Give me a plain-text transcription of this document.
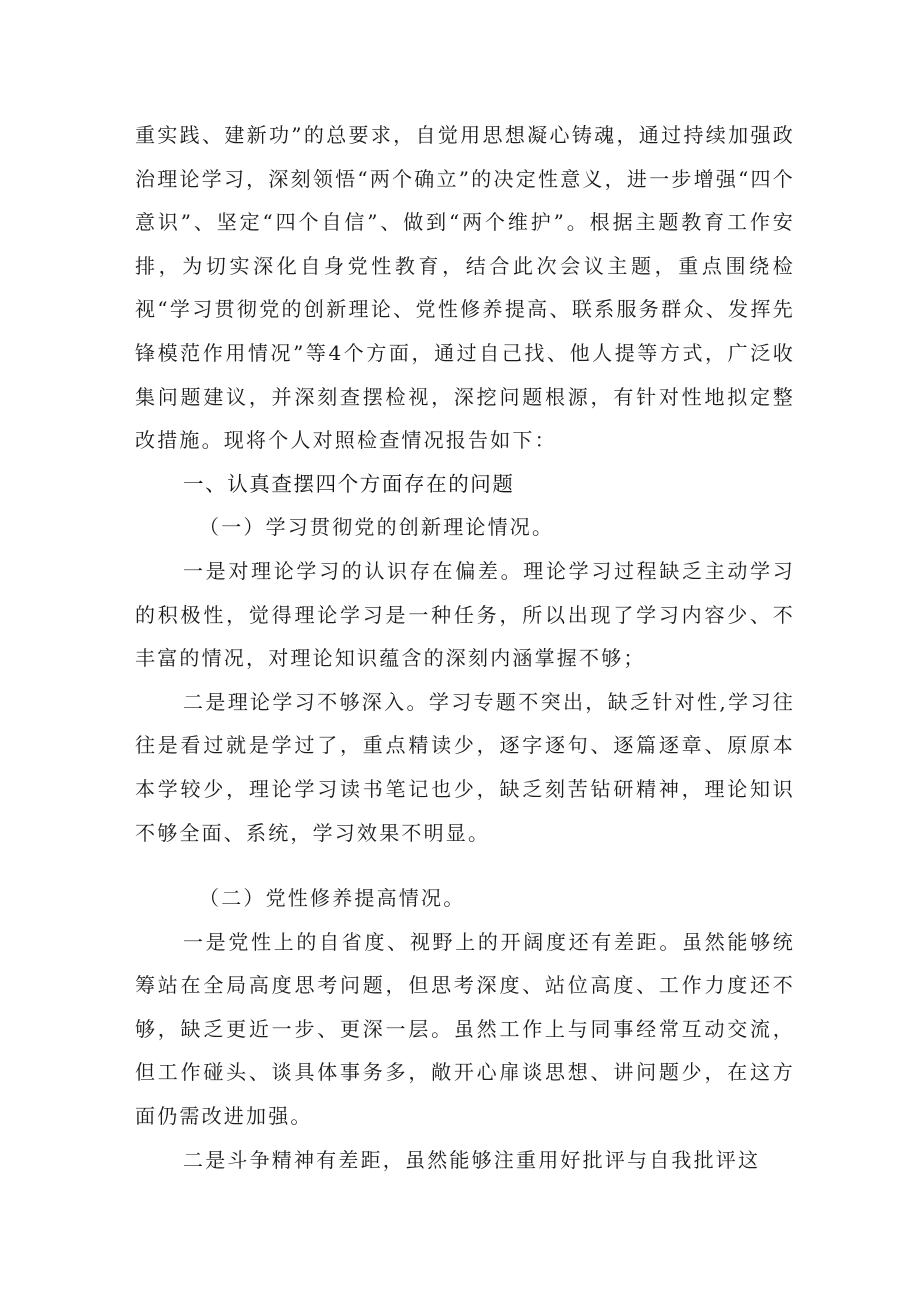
重实践、建新功”的总要求，自觉用思想凝心铸魂，通过持续加强政治理论学习，深刻领悟“两个确立”的决定性意义，进一步增强“四个意识”、坚定“四个自信”、做到“两个维护”。根据主题教育工作安排，为切实深化自身党性教育，结合此次会议主题，重点围绕检视“学习贯彻党的创新理论、党性修养提高、联系服务群众、发挥先锋模范作用情况”等4个方面，通过自己找、他人提等方式，广泛收集问题建议，并深刻查摆检视，深挖问题根源，有针对性地拟定整改措施。现将个人对照检查情况报告如下：

一、认真查摆四个方面存在的问题

（一）学习贯彻党的创新理论情况。

一是对理论学习的认识存在偏差。理论学习过程缺乏主动学习的积极性，觉得理论学习是一种任务，所以出现了学习内容少、不丰富的情况，对理论知识蕴含的深刻内涵掌握不够；

二是理论学习不够深入。学习专题不突出，缺乏针对性,学习往往是看过就是学过了，重点精读少，逐字逐句、逐篇逐章、原原本本学较少，理论学习读书笔记也少，缺乏刻苦钻研精神，理论知识不够全面、系统，学习效果不明显。

（二）党性修养提高情况。

一是党性上的自省度、视野上的开阔度还有差距。虽然能够统筹站在全局高度思考问题，但思考深度、站位高度、工作力度还不够，缺乏更近一步、更深一层。虽然工作上与同事经常互动交流，但工作碰头、谈具体事务多，敞开心扉谈思想、讲问题少，在这方面仍需改进加强。

二是斗争精神有差距，虽然能够注重用好批评与自我批评这
